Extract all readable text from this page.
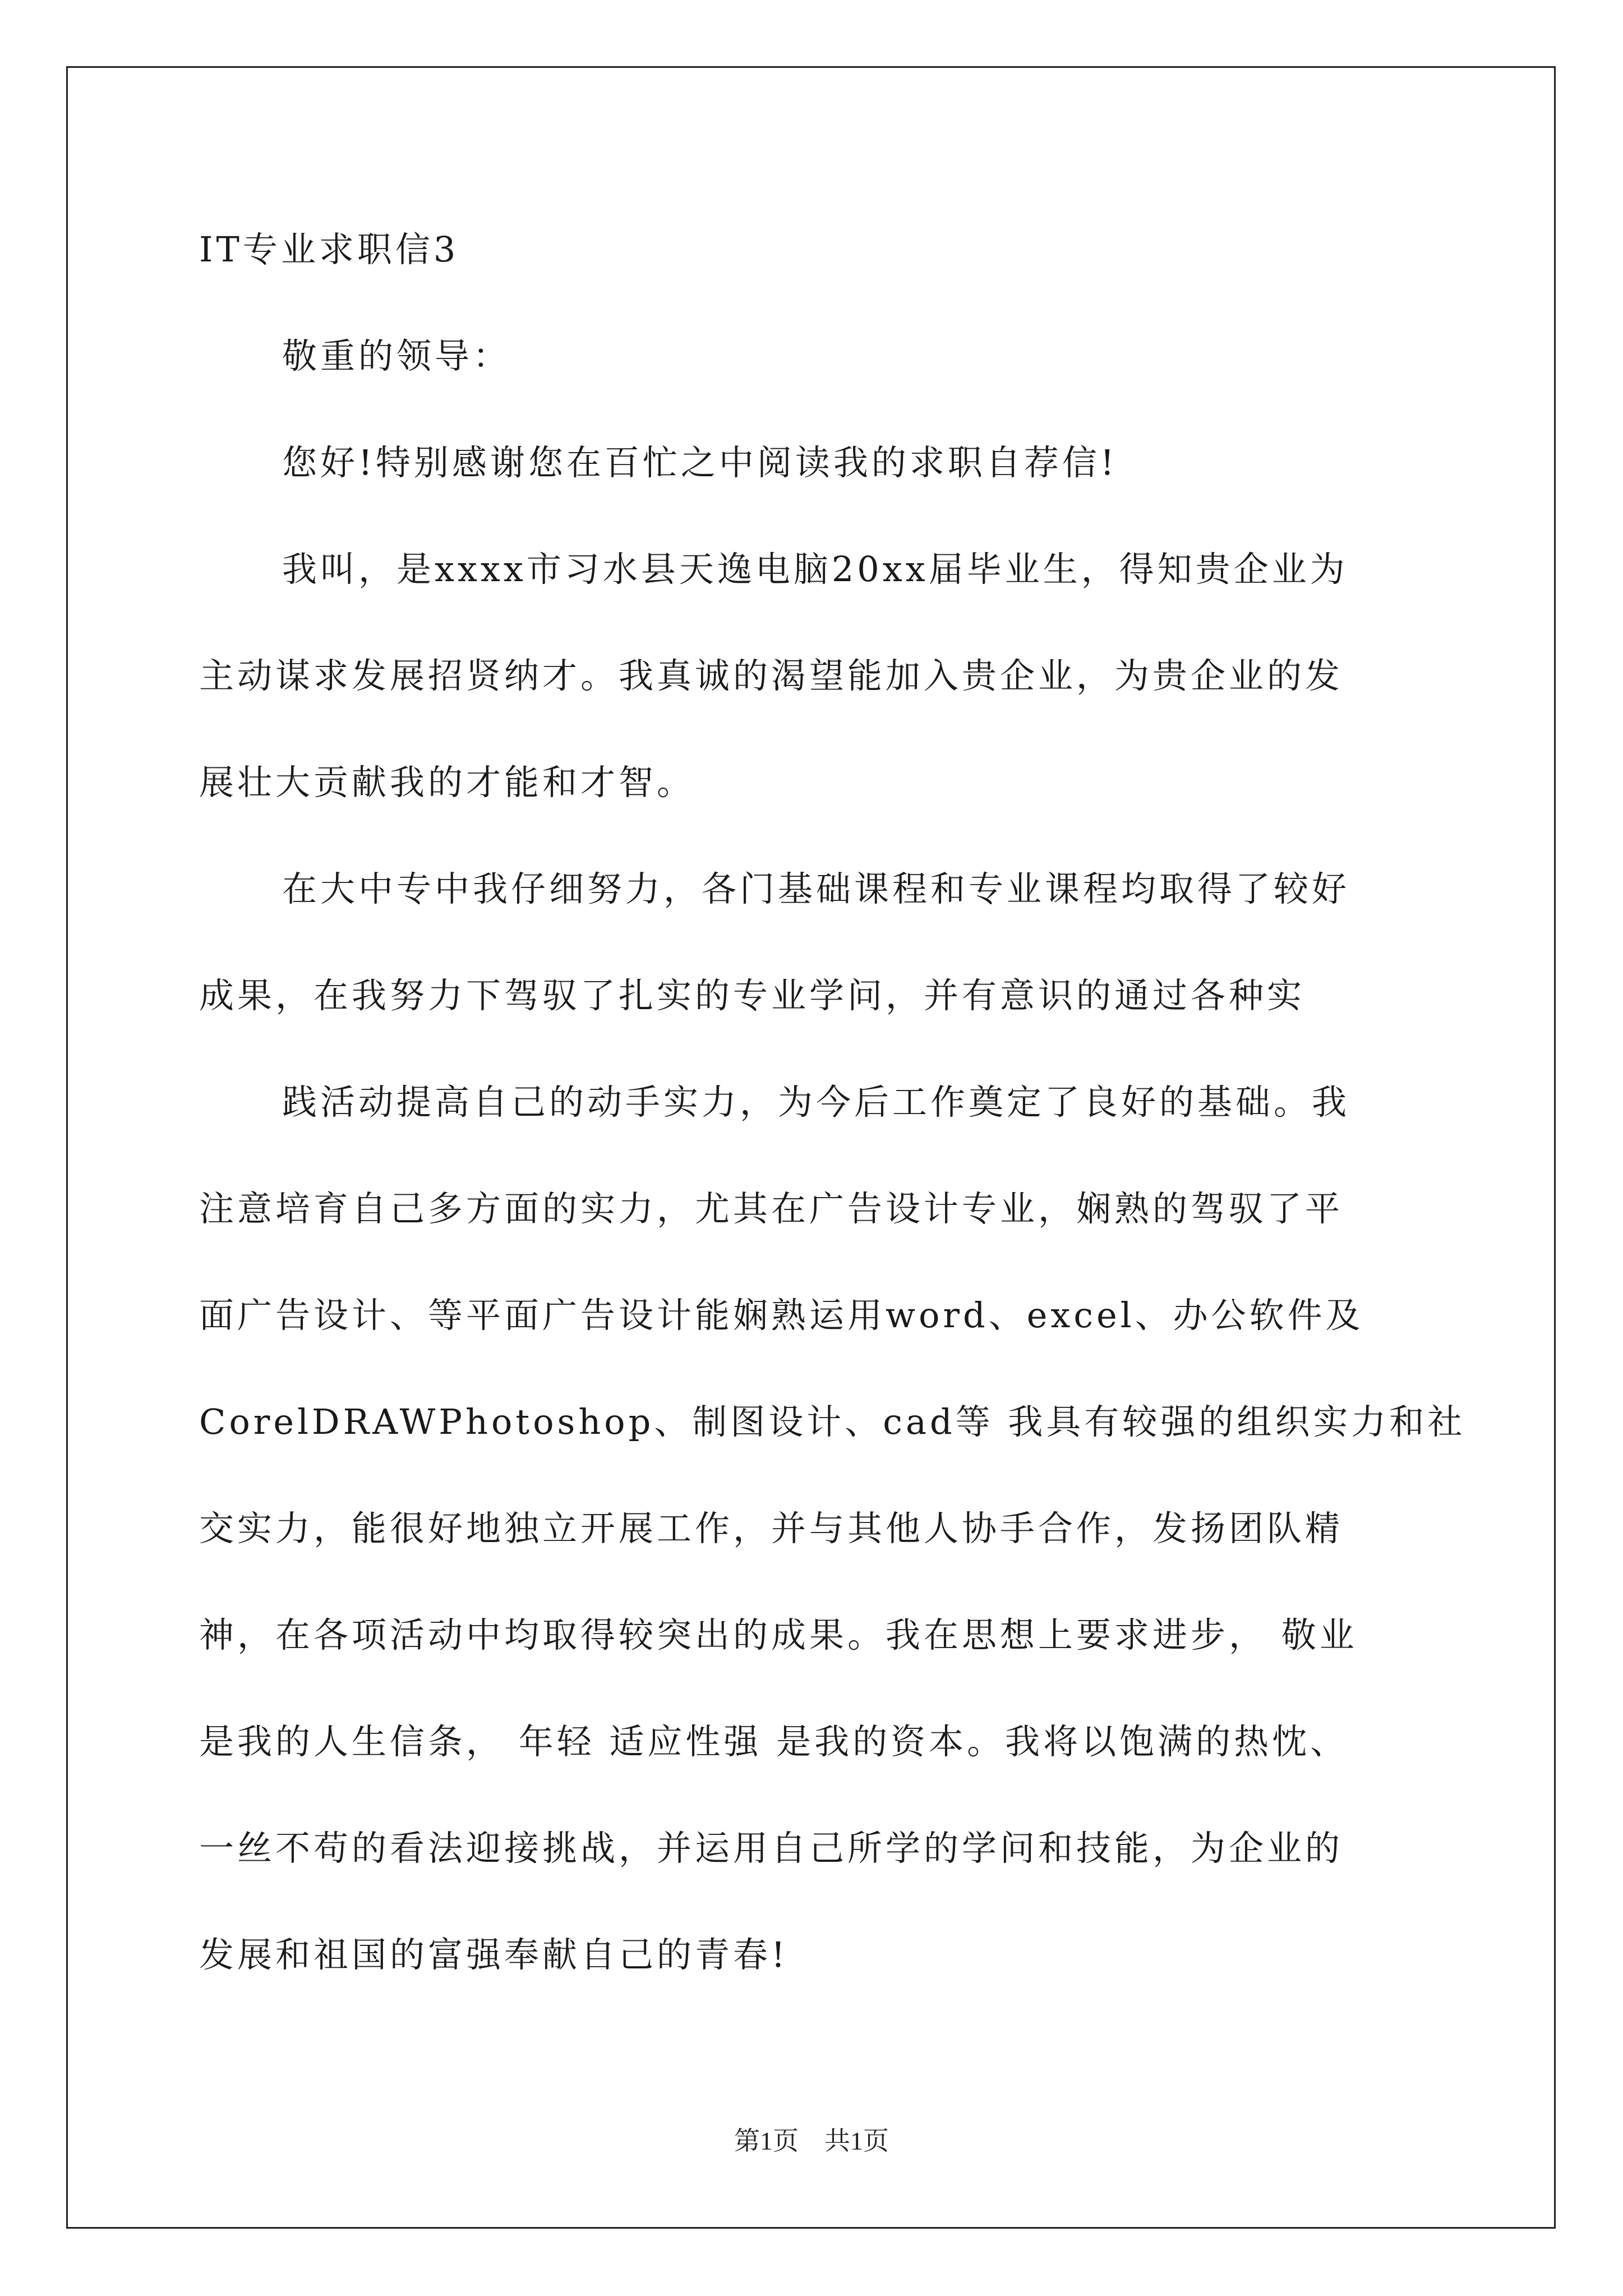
IT专业求职信3
敬重的领导：
您好!特别感谢您在百忙之中阅读我的求职自荐信!
我叫，是xxxx市习水县天逸电脑20xx届毕业生，得知贵企业为
主动谋求发展招贤纳才。我真诚的渴望能加入贵企业，为贵企业的发
展壮大贡献我的才能和才智。
在大中专中我仔细努力，各门基础课程和专业课程均取得了较好
成果，在我努力下驾驭了扎实的专业学问，并有意识的通过各种实
践活动提高自己的动手实力，为今后工作奠定了良好的基础。我
注意培育自己多方面的实力，尤其在广告设计专业，娴熟的驾驭了平
面广告设计、等平面广告设计能娴熟运用word、excel、办公软件及
CorelDRAWPhotoshop、制图设计、cad等 我具有较强的组织实力和社
交实力，能很好地独立开展工作，并与其他人协手合作，发扬团队精
神，在各项活动中均取得较突出的成果。我在思想上要求进步， 敬业
是我的人生信条， 年轻 适应性强 是我的资本。我将以饱满的热忱、
一丝不苟的看法迎接挑战，并运用自己所学的学问和技能，为企业的
发展和祖国的富强奉献自己的青春!
第1页 共1页
